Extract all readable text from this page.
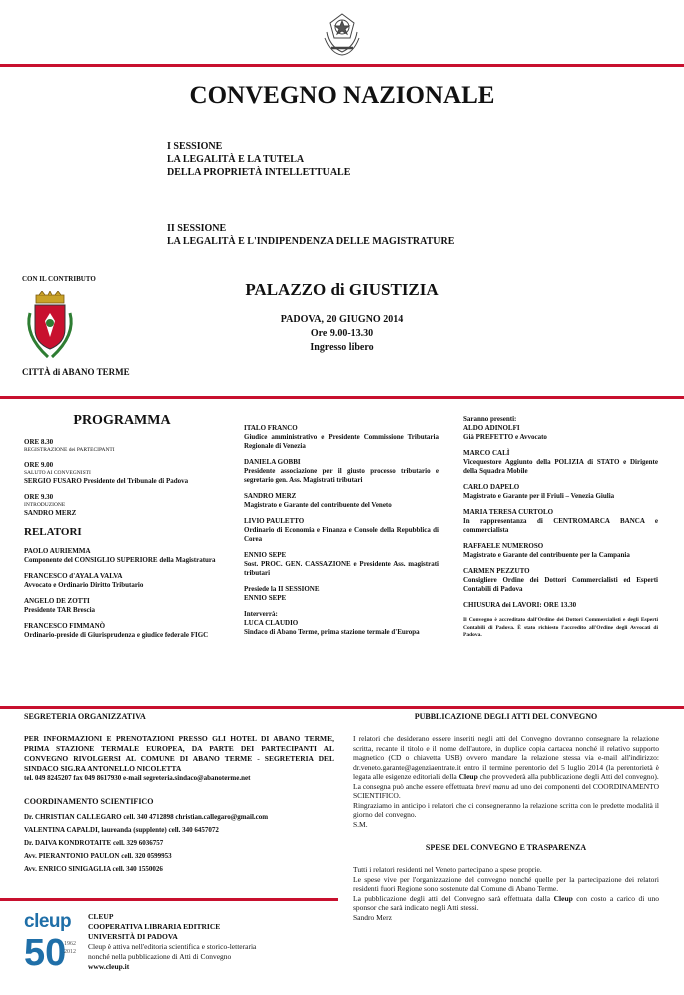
CONVEGNO NAZIONALE
I SESSIONE
LA LEGALITÀ E LA TUTELA
DELLA PROPRIETÀ INTELLETTUALE
II SESSIONE
LA LEGALITÀ E L'INDIPENDENZA DELLE MAGISTRATURE
CON IL CONTRIBUTO
CITTÀ di ABANO TERME
PALAZZO di GIUSTIZIA
PADOVA, 20 GIUGNO 2014
Ore 9.00-13.30
Ingresso libero
PROGRAMMA
ORE 8.30
REGISTRAZIONE dei PARTECIPANTI
ORE 9.00
SALUTO AI CONVEGNISTI
SERGIO FUSARO Presidente del Tribunale di Padova
ORE 9.30
INTRODUZIONE
SANDRO MERZ
RELATORI
PAOLO AURIEMMA
Componente del CONSIGLIO SUPERIORE della Magistratura
FRANCESCO d'AYALA VALVA
Avvocato e Ordinario Diritto Tributario
ANGELO DE ZOTTI
Presidente TAR Brescia
FRANCESCO FIMMANÒ
Ordinario-preside di Giurisprudenza e giudice federale FIGC
ITALO FRANCO
Giudice amministrativo e Presidente Commissione Tributaria Regionale di Venezia
DANIELA GOBBI
Presidente associazione per il giusto processo tributario e segretario gen. Ass. Magistrati tributari
SANDRO MERZ
Magistrato e Garante del contribuente del Veneto
LIVIO PAULETTO
Ordinario di Economia e Finanza e Console della Repubblica di Corea
ENNIO SEPE
Sost. PROC. GEN. CASSAZIONE e Presidente Ass. magistrati tributari
Presiede la II SESSIONE
ENNIO SEPE
Interverrà:
LUCA CLAUDIO
Sindaco di Abano Terme, prima stazione termale d'Europa
Saranno presenti:
ALDO ADINOLFI
Già PREFETTO e Avvocato
MARCO CALÌ
Vicequestore Aggiunto della POLIZIA di STATO e Dirigente della Squadra Mobile
CARLO DAPELO
Magistrato e Garante per il Friuli – Venezia Giulia
MARIA TERESA CURTOLO
In rappresentanza di CENTROMARCA BANCA e commercialista
RAFFAELE NUMEROSO
Magistrato e Garante del contribuente per la Campania
CARMEN PEZZUTO
Consigliere Ordine dei Dottori Commercialisti ed Esperti Contabili di Padova
CHIUSURA dei LAVORI: ORE 13.30
Il Convegno è accreditato dall'Ordine dei Dottori Commercialisti e degli Esperti Contabili di Padova. È stato richiesto l'accredito all'Ordine degli Avvocati di Padova.
SEGRETERIA ORGANIZZATIVA
PER INFORMAZIONI E PRENOTAZIONI PRESSO GLI HOTEL DI ABANO TERME, PRIMA STAZIONE TERMALE EUROPEA, DA PARTE DEI PARTECIPANTI AL CONVEGNO RIVOLGERSI AL COMUNE DI ABANO TERME - SEGRETERIA DEL SINDACO SIG.RA ANTONELLO NICOLETTA
tel. 049 8245207 fax 049 8617930 e-mail segreteria.sindaco@abanoterme.net
COORDINAMENTO SCIENTIFICO
Dr. CHRISTIAN CALLEGARO cell. 340 4712898 christian.callegaro@gmail.com
VALENTINA CAPALDI, laureanda (supplente) cell. 340 6457072
Dr. DAIVA KONDROTAITE cell. 329 6036757
Avv. PIERANTONIO PAULON cell. 320 0599953
Avv. ENRICO SINIGAGLIA cell. 340 1550026
PUBBLICAZIONE DEGLI ATTI DEL CONVEGNO
I relatori che desiderano essere inseriti negli atti del Convegno dovranno consegnare la relazione scritta, recante il titolo e il nome dell'autore, in duplice copia cartacea nonché il relativo supporto magnetico (CD o chiavetta USB) ovvero mandare la relazione stessa via e-mail all'indirizzo: dr.veneto.garante@agenziaentrate.it entro il termine perentorio del 5 luglio 2014 (la perentorietà è legata alle esigenze editoriali della Cleup che provvederà alla pubblicazione degli Atti del convegno).
La consegna può anche essere effettuata brevi manu ad uno dei componenti del COORDINAMENTO SCIENTIFICO.
Ringraziamo in anticipo i relatori che ci consegneranno la relazione scritta con le predette modalità il giorno del convegno.
S.M.
SPESE DEL CONVEGNO E TRASPARENZA
Tutti i relatori residenti nel Veneto partecipano a spese proprie.
Le spese vive per l'organizzazione del convegno nonché quelle per la partecipazione dei relatori residenti fuori Regione sono sostenute dal Comune di Abano Terme.
La pubblicazione degli atti del Convegno sarà effettuata dalla Cleup con costo a carico di uno sponsor che sarà indicato negli Atti stessi.
Sandro Merz
cleup
50
1962 2012
CLEUP
COOPERATIVA LIBRARIA EDITRICE
UNIVERSITÀ DI PADOVA
Cleup è attiva nell'editoria scientifica e storico-letteraria
nonché nella pubblicazione di Atti di Convegno
www.cleup.it
